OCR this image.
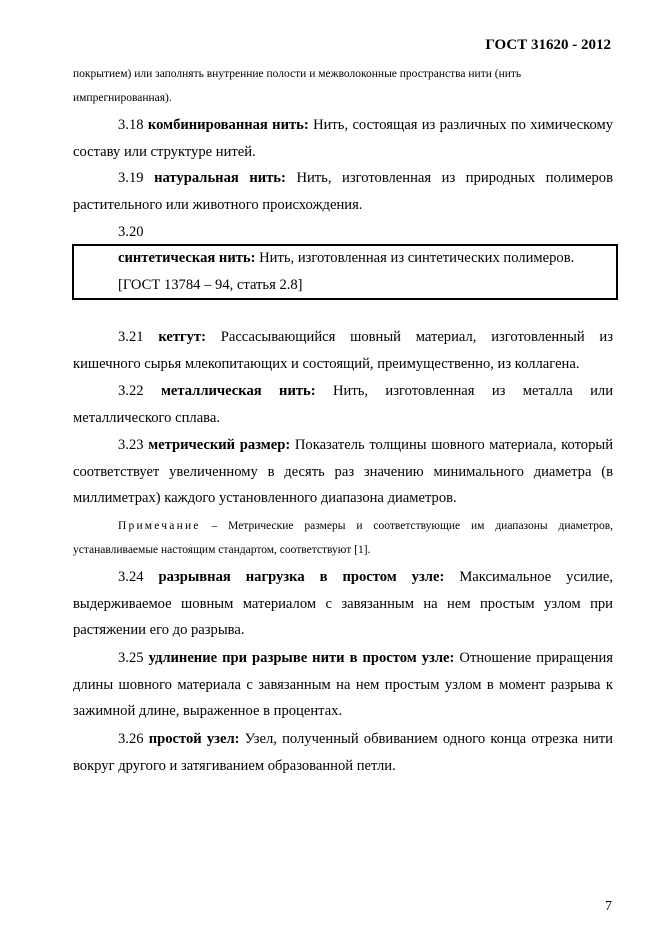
ГОСТ 31620 - 2012
покрытием) или заполнять внутренние полости и межволоконные пространства нити (нить
импрегнированная).
3.18 комбинированная нить: Нить, состоящая из различных по химическому составу или структуре нитей.
3.19 натуральная нить: Нить, изготовленная из природных полимеров растительного или животного происхождения.
3.20
синтетическая нить: Нить, изготовленная из синтетических полимеров.
[ГОСТ 13784 – 94, статья 2.8]
3.21 кетгут: Рассасывающийся шовный материал, изготовленный из кишечного сырья млекопитающих и состоящий, преимущественно, из коллагена.
3.22 металлическая нить: Нить, изготовленная из металла или металлического сплава.
3.23 метрический размер: Показатель толщины шовного материала, который соответствует увеличенному в десять раз значению минимального диаметра (в миллиметрах) каждого установленного диапазона диаметров.
Примечание – Метрические размеры и соответствующие им диапазоны диаметров, устанавливаемые настоящим стандартом, соответствуют [1].
3.24 разрывная нагрузка в простом узле: Максимальное усилие, выдерживаемое шовным материалом с завязанным на нем простым узлом при растяжении его до разрыва.
3.25 удлинение при разрыве нити в простом узле: Отношение приращения длины шовного материала с завязанным на нем простым узлом в момент разрыва к зажимной длине, выраженное в процентах.
3.26 простой узел: Узел, полученный обвиванием одного конца отрезка нити вокруг другого и затягиванием образованной петли.
7
